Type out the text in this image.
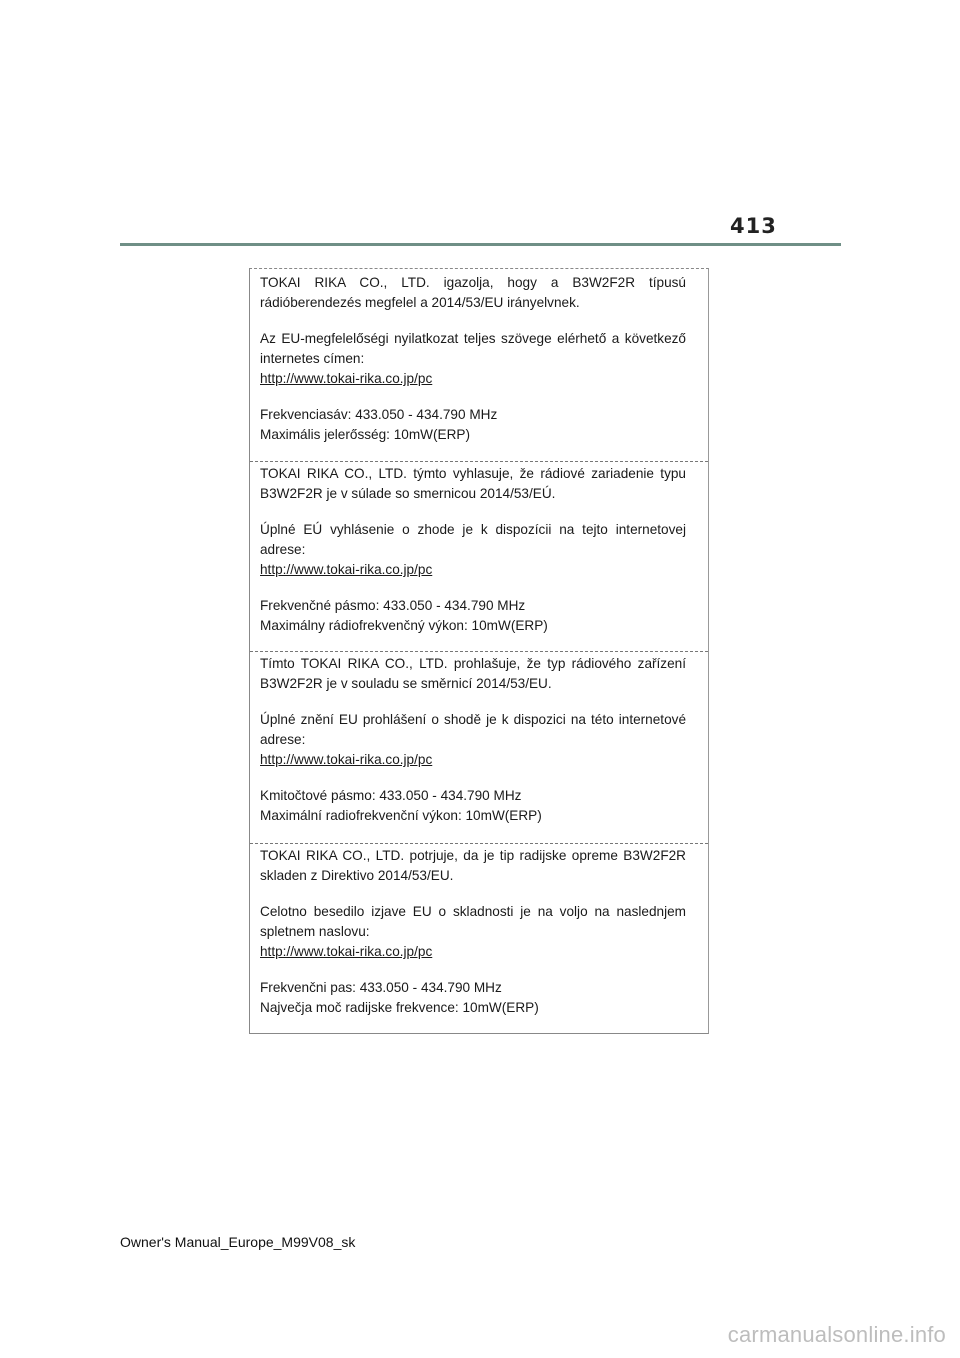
413

TOKAI RIKA CO., LTD. igazolja, hogy a B3W2F2R típusú rádióberendezés megfelel a 2014/53/EU irányelvnek.

Az EU-megfelelőségi nyilatkozat teljes szövege elérhető a következő internetes címen:

http://www.tokai-rika.co.jp/pc

Frekvenciasáv: 433.050 - 434.790 MHz

Maximális jelerősség: 10mW(ERP)

TOKAI RIKA CO., LTD. týmto vyhlasuje, že rádiové zariadenie typu B3W2F2R je v súlade so smernicou 2014/53/EÚ.

Úplné EÚ vyhlásenie o zhode je k dispozícii na tejto internetovej adrese:

http://www.tokai-rika.co.jp/pc

Frekvenčné pásmo: 433.050 - 434.790 MHz

Maximálny rádiofrekvenčný výkon: 10mW(ERP)

Tímto TOKAI RIKA CO., LTD. prohlašuje, že typ rádiového zařízení B3W2F2R je v souladu se směrnicí 2014/53/EU.

Úplné znění EU prohlášení o shodě je k dispozici na této internetové adrese:

http://www.tokai-rika.co.jp/pc

Kmitočtové pásmo: 433.050 - 434.790 MHz

Maximální radiofrekvenční výkon: 10mW(ERP)

TOKAI RIKA CO., LTD. potrjuje, da je tip radijske opreme B3W2F2R skladen z Direktivo 2014/53/EU.

Celotno besedilo izjave EU o skladnosti je na voljo na naslednjem spletnem naslovu:

http://www.tokai-rika.co.jp/pc

Frekvenčni pas: 433.050 - 434.790 MHz

Največja moč radijske frekvence: 10mW(ERP)

Owner's Manual_Europe_M99V08_sk
carmanualsonline.info
